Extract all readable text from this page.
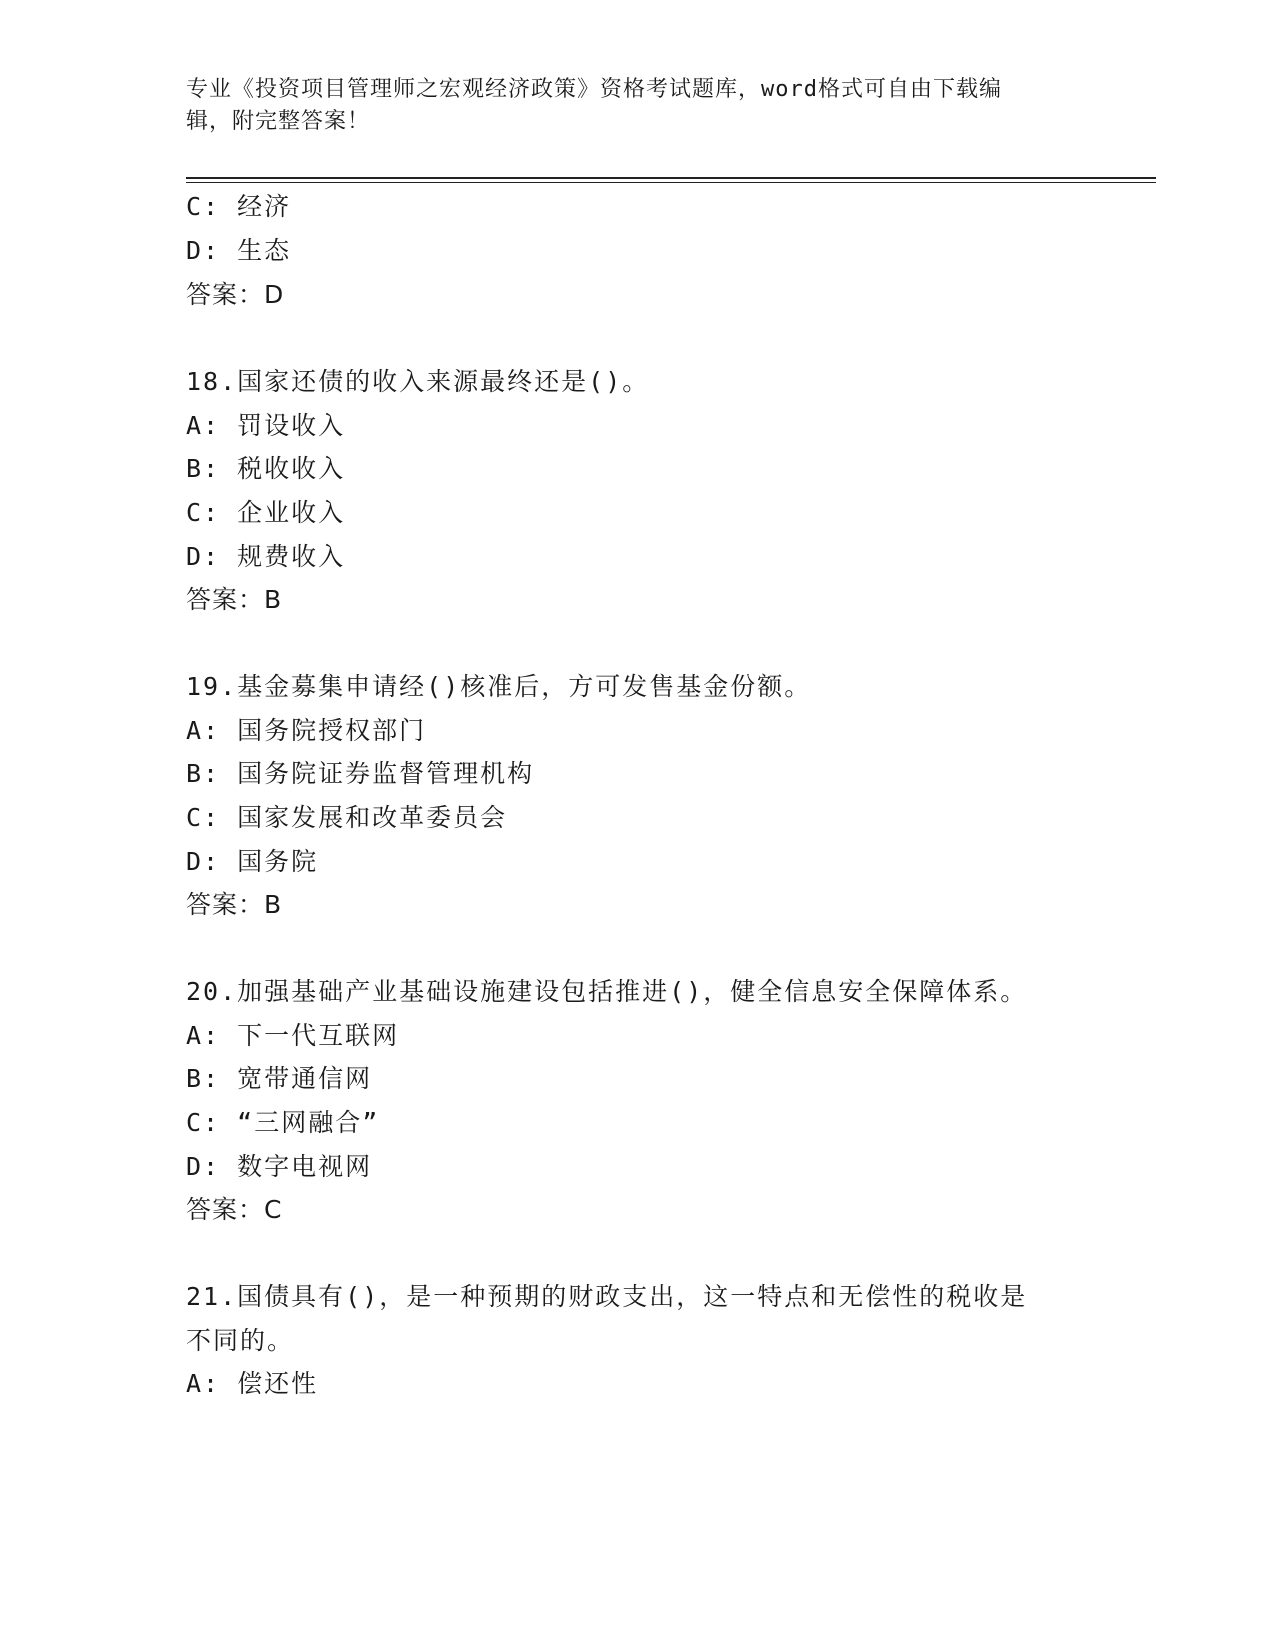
专业《投资项目管理师之宏观经济政策》资格考试题库，word格式可自由下载编
辑，附完整答案！
C: 经济
D: 生态
答案：D
18.国家还债的收入来源最终还是()。
A: 罚设收入
B: 税收收入
C: 企业收入
D: 规费收入
答案：B
19.基金募集申请经()核准后，方可发售基金份额。
A: 国务院授权部门
B: 国务院证券监督管理机构
C: 国家发展和改革委员会
D: 国务院
答案：B
20.加强基础产业基础设施建设包括推进()，健全信息安全保障体系。
A: 下一代互联网
B: 宽带通信网
C: “三网融合”
D: 数字电视网
答案：C
21.国债具有()，是一种预期的财政支出，这一特点和无偿性的税收是
不同的。
A: 偿还性
